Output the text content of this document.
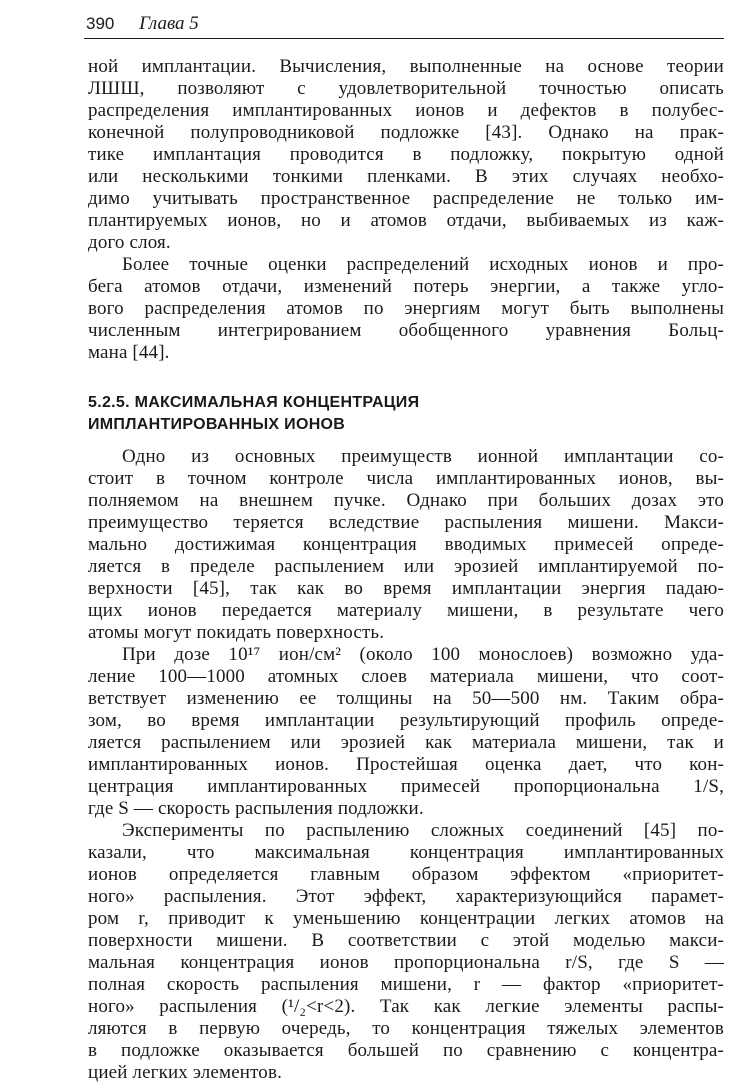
390 Глава 5
ной имплантации. Вычисления, выполненные на основе теории
ЛШШ, позволяют с удовлетворительной точностью описать
распределения имплантированных ионов и дефектов в полубес-
конечной полупроводниковой подложке [43]. Однако на прак-
тике имплантация проводится в подложку, покрытую одной
или несколькими тонкими пленками. В этих случаях необхо-
димо учитывать пространственное распределение не только им-
плантируемых ионов, но и атомов отдачи, выбиваемых из каж-
дого слоя.
Более точные оценки распределений исходных ионов и про-
бега атомов отдачи, изменений потерь энергии, а также угло-
вого распределения атомов по энергиям могут быть выполнены
численным интегрированием обобщенного уравнения Больц-
мана [44].
5.2.5. МАКСИМАЛЬНАЯ КОНЦЕНТРАЦИЯ
ИМПЛАНТИРОВАННЫХ ИОНОВ
Одно из основных преимуществ ионной имплантации со-
стоит в точном контроле числа имплантированных ионов, вы-
полняемом на внешнем пучке. Однако при больших дозах это
преимущество теряется вследствие распыления мишени. Макси-
мально достижимая концентрация вводимых примесей опреде-
ляется в пределе распылением или эрозией имплантируемой по-
верхности [45], так как во время имплантации энергия падаю-
щих ионов передается материалу мишени, в результате чего
атомы могут покидать поверхность.
При дозе 10¹⁷ ион/см² (около 100 монослоев) возможно уда-
ление 100—1000 атомных слоев материала мишени, что соот-
ветствует изменению ее толщины на 50—500 нм. Таким обра-
зом, во время имплантации результирующий профиль опреде-
ляется распылением или эрозией как материала мишени, так и
имплантированных ионов. Простейшая оценка дает, что кон-
центрация имплантированных примесей пропорциональна 1/S,
где S — скорость распыления подложки.
Эксперименты по распылению сложных соединений [45] по-
казали, что максимальная концентрация имплантированных
ионов определяется главным образом эффектом «приоритет-
ного» распыления. Этот эффект, характеризующийся парамет-
ром r, приводит к уменьшению концентрации легких атомов на
поверхности мишени. В соответствии с этой моделью макси-
мальная концентрация ионов пропорциональна r/S, где S —
полная скорость распыления мишени, r — фактор «приоритет-
ного» распыления (¹/₂<r<2). Так как легкие элементы распы-
ляются в первую очередь, то концентрация тяжелых элементов
в подложке оказывается большей по сравнению с концентра-
цией легких элементов.
